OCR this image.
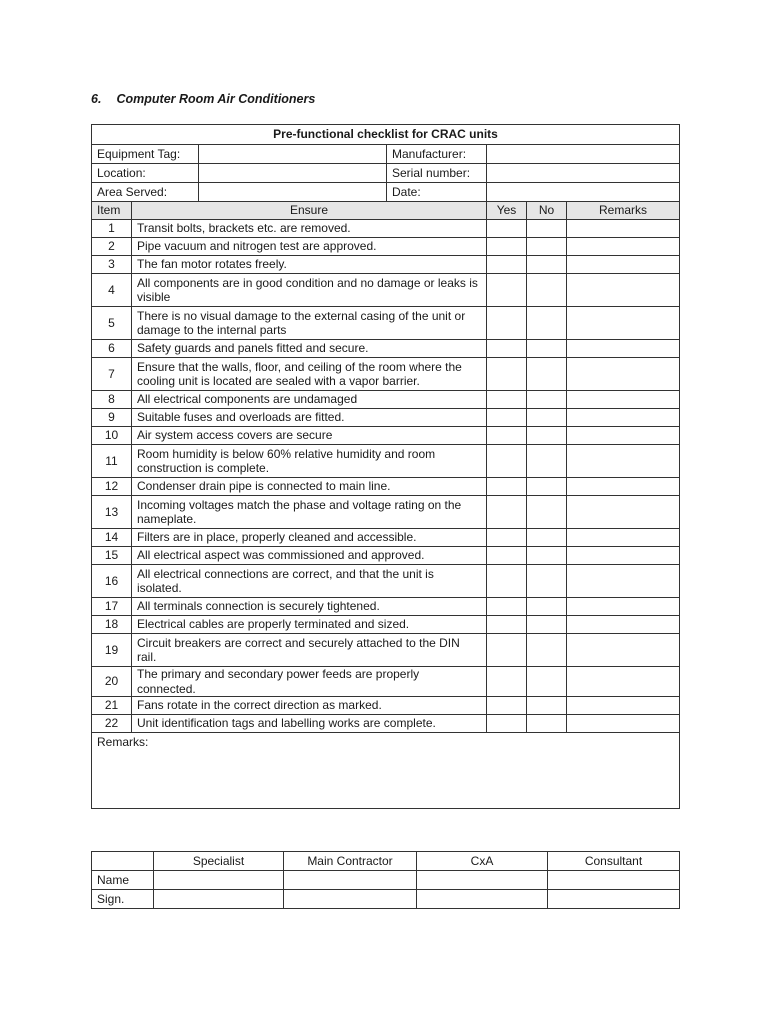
6. Computer Room Air Conditioners
Pre-functional checklist for CRAC units						
Equipment Tag:			Manufacturer:			
Location:			Serial number:			
Area Served:			Date:			
Item	Ensure			Yes	No	Remarks
1	Transit bolts, brackets etc. are removed.					
2	Pipe vacuum and nitrogen test are approved.					
3	The fan motor rotates freely.					
4	All components are in good condition and no damage or leaks is visible					
5	There is no visual damage to the external casing of the unit or damage to the internal parts					
6	Safety guards and panels fitted and secure.					
7	Ensure that the walls, floor, and ceiling of the room where the cooling unit is located are sealed with a vapor barrier.					
8	All electrical components are undamaged					
9	Suitable fuses and overloads are fitted.					
10	Air system access covers are secure					
11	Room humidity is below 60% relative humidity and room construction is complete.					
12	Condenser drain pipe is connected to main line.					
13	Incoming voltages match the phase and voltage rating on the nameplate.					
14	Filters are in place, properly cleaned and accessible.					
15	All electrical aspect was commissioned and approved.					
16	All electrical connections are correct, and that the unit is isolated.					
17	All terminals connection is securely tightened.					
18	Electrical cables are properly terminated and sized.					
19	Circuit breakers are correct and securely attached to the DIN rail.					
20	The primary and secondary power feeds are properly connected.					
21	Fans rotate in the correct direction as marked.					
22	Unit identification tags and labelling works are complete.					
Remarks:						
	Specialist	Main Contractor	CxA	Consultant
Name				
Sign.				
